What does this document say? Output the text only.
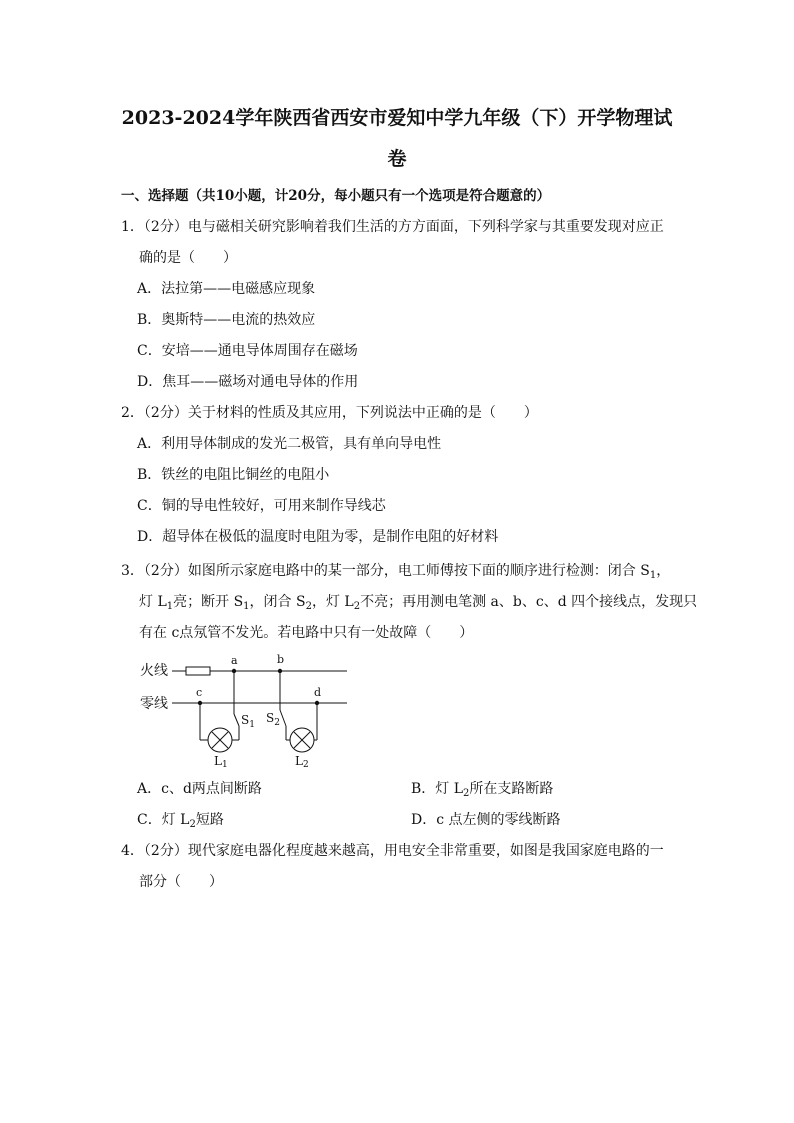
2023-2024学年陕西省西安市爱知中学九年级（下）开学物理试
卷
一、选择题（共10小题，计20分，每小题只有一个选项是符合题意的）
1．（2分）电与磁相关研究影响着我们生活的方方面面，下列科学家与其重要发现对应正
确的是（　　）
A．法拉第——电磁感应现象
B．奥斯特——电流的热效应
C．安培——通电导体周围存在磁场
D．焦耳——磁场对通电导体的作用
2．（2分）关于材料的性质及其应用，下列说法中正确的是（　　）
A．利用导体制成的发光二极管，具有单向导电性
B．铁丝的电阻比铜丝的电阻小
C．铜的导电性较好，可用来制作导线芯
D．超导体在极低的温度时电阻为零，是制作电阻的好材料
3．（2分）如图所示家庭电路中的某一部分，电工师傅按下面的顺序进行检测：闭合 $S_1$，
灯 $L_1$亮；断开 $S_1$，闭合 $S_2$，灯 $L_2$不亮；再用测电笔测 a、b、c、d 四个接线点，发现只
有在 c点氖管不发光。若电路中只有一处故障（　　）
火线
零线
a	b
c	d
$S_1$ $S_2$
L1	L2
A．c、d两点间断路	B．灯 $L_2$所在支路断路
C．灯 $L_2$短路	D．c 点左侧的零线断路
4．（2分）现代家庭电器化程度越来越高，用电安全非常重要，如图是我国家庭电路的一
部分（　　）
